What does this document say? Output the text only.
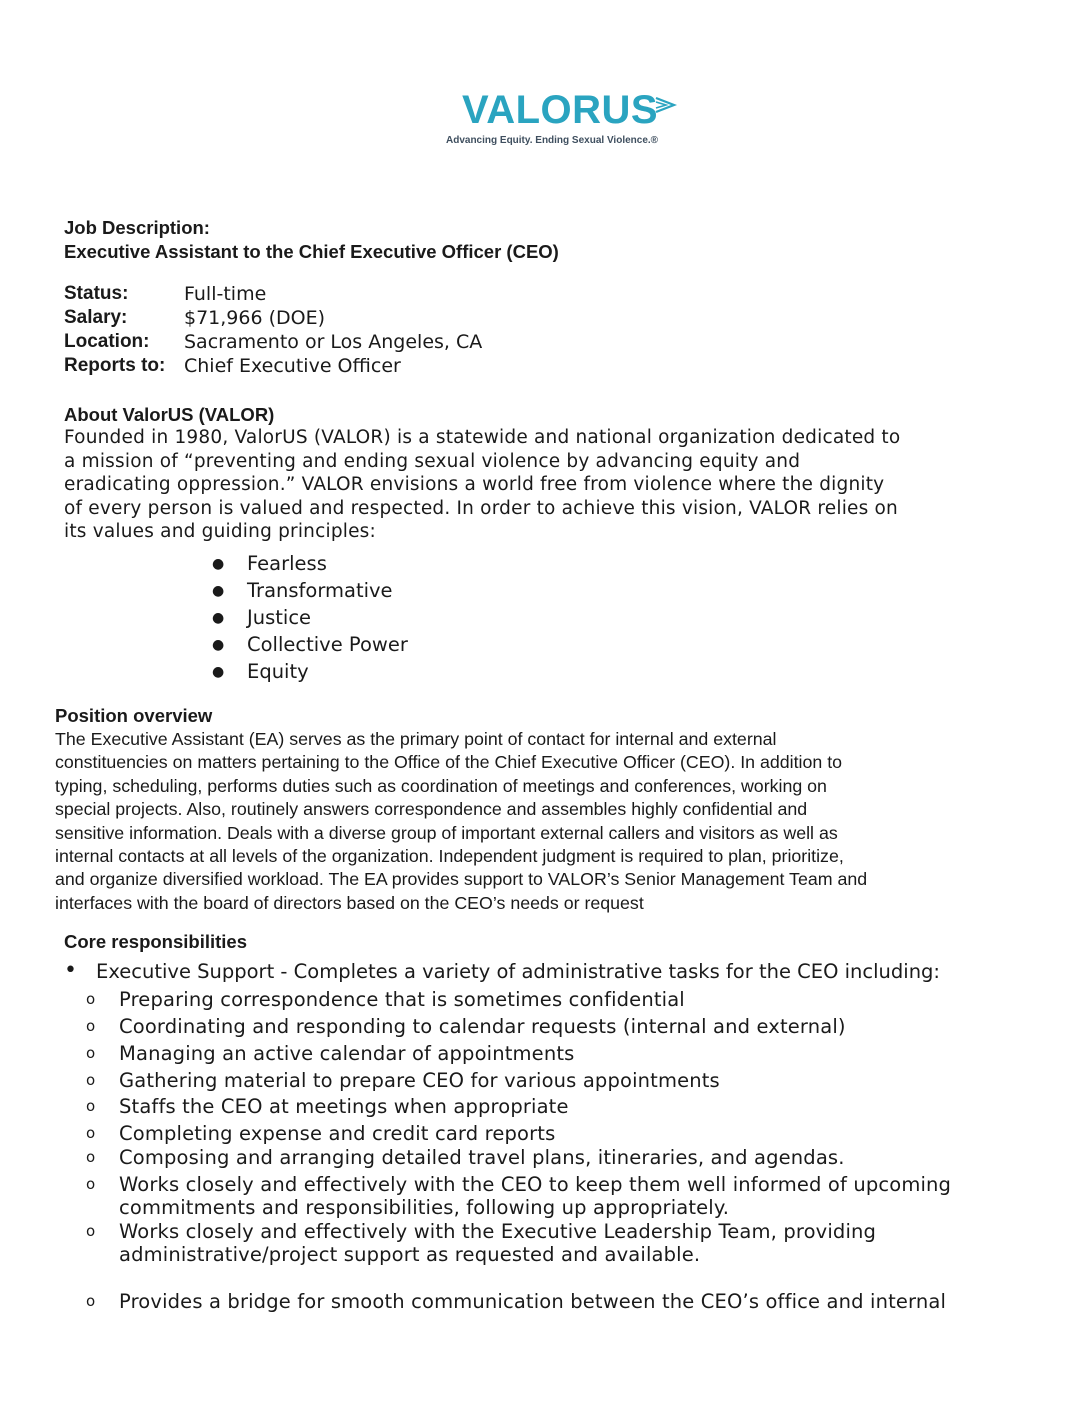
VALORUS
Advancing Equity. Ending Sexual Violence.®
Job Description:
Executive Assistant to the Chief Executive Officer (CEO)
Status:	Full-time
Salary:	$71,966 (DOE)
Location: Sacramento or Los Angeles, CA
Reports to: Chief Executive Officer
About ValorUS (VALOR)

Founded in 1980, ValorUS (VALOR) is a statewide and national organization dedicated to

a mission of “preventing and ending sexual violence by advancing equity and

eradicating oppression.” VALOR envisions a world free from violence where the dignity

of every person is valued and respected. In order to achieve this vision, VALOR relies on

its values and guiding principles:

●	Fearless
●	Transformative
●	Justice
●	Collective Power
●	Equity
Position overview

The Executive Assistant (EA) serves as the primary point of contact for internal and external

constituencies on matters pertaining to the Office of the Chief Executive Officer (CEO). In addition to

typing, scheduling, performs duties such as coordination of meetings and conferences, working on

special projects. Also, routinely answers correspondence and assembles highly confidential and

sensitive information. Deals with a diverse group of important external callers and visitors as well as

internal contacts at all levels of the organization. Independent judgment is required to plan, prioritize,

and organize diversified workload. The EA provides support to VALOR’s Senior Management Team and

interfaces with the board of directors based on the CEO’s needs or request

Core responsibilities
• Executive Support - Completes a variety of administrative tasks for the CEO including:
o Preparing correspondence that is sometimes confidential
o Coordinating and responding to calendar requests (internal and external)
o Managing an active calendar of appointments
o Gathering material to prepare CEO for various appointments
o Staffs the CEO at meetings when appropriate
o Completing expense and credit card reports
o Composing and arranging detailed travel plans, itineraries, and agendas.
o Works closely and effectively with the CEO to keep them well informed of upcoming
commitments and responsibilities, following up appropriately.
o Works closely and effectively with the Executive Leadership Team, providing
administrative/project support as requested and available.
o Provides a bridge for smooth communication between the CEO’s office and internal
